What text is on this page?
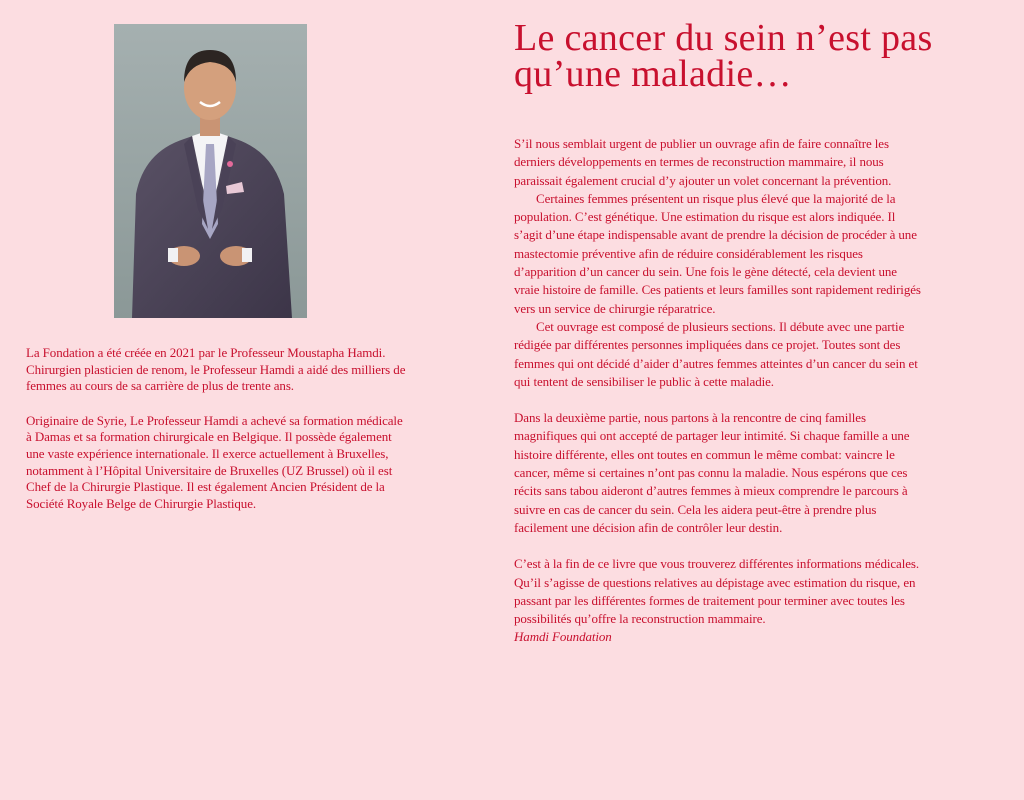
La Fondation a été créée en 2021 par le Professeur Moustapha Hamdi. Chirurgien plasticien de renom, le Professeur Hamdi a aidé des milliers de femmes au cours de sa carrière de plus de trente ans.

Originaire de Syrie, Le Professeur Hamdi a achevé sa formation médicale à Damas et sa formation chirurgicale en Belgique. Il possède également une vaste expérience internationale. Il exerce actuellement à Bruxelles, notamment à l’Hôpital Universitaire de Bruxelles (UZ Brussel) où il est Chef de la Chirurgie Plastique. Il est également Ancien Président de la Société Royale Belge de Chirurgie Plastique.

Le cancer du sein n’est pas qu’une maladie…

S’il nous semblait urgent de publier un ouvrage afin de faire connaître les derniers développements en termes de reconstruction mammaire, il nous paraissait également crucial d’y ajouter un volet concernant la prévention.

Certaines femmes présentent un risque plus élevé que la majorité de la population. C’est génétique. Une estimation du risque est alors indiquée. Il s’agit d’une étape indispensable avant de prendre la décision de procéder à une mastectomie préventive afin de réduire considérablement les risques d’apparition d’un cancer du sein. Une fois le gène détecté, cela devient une vraie histoire de famille. Ces patients et leurs familles sont rapidement redirigés vers un service de chirurgie réparatrice.

Cet ouvrage est composé de plusieurs sections. Il débute avec une partie rédigée par différentes personnes impliquées dans ce projet. Toutes sont des femmes qui ont décidé d’aider d’autres femmes atteintes d’un cancer du sein et qui tentent de sensibiliser le public à cette maladie.

Dans la deuxième partie, nous partons à la rencontre de cinq familles magnifiques qui ont accepté de partager leur intimité. Si chaque famille a une histoire différente, elles ont toutes en commun le même combat: vaincre le cancer, même si certaines n’ont pas connu la maladie. Nous espérons que ces récits sans tabou aideront d’autres femmes à mieux comprendre le parcours à suivre en cas de cancer du sein. Cela les aidera peut-être à prendre plus facilement une décision afin de contrôler leur destin.

C’est à la fin de ce livre que vous trouverez différentes informations médicales. Qu’il s’agisse de questions relatives au dépistage avec estimation du risque, en passant par les différentes formes de traitement pour terminer avec toutes les possibilités qu’offre la reconstruction mammaire.

Hamdi Foundation
